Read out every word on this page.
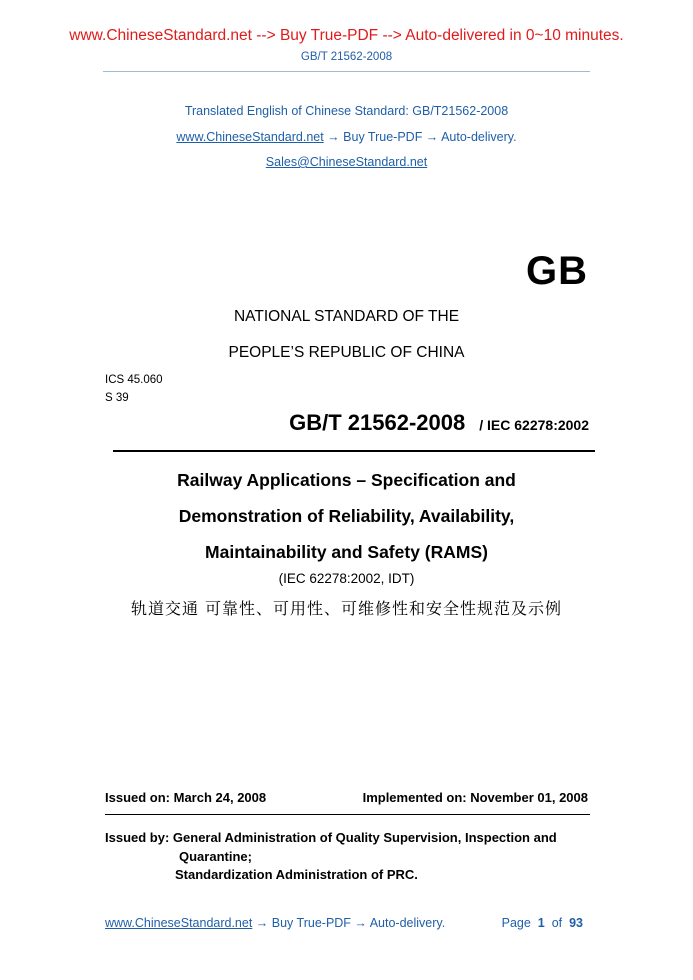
www.ChineseStandard.net --> Buy True-PDF --> Auto-delivered in 0~10 minutes.
GB/T 21562-2008
Translated English of Chinese Standard: GB/T21562-2008
www.ChineseStandard.net → Buy True-PDF → Auto-delivery.
Sales@ChineseStandard.net
GB
NATIONAL STANDARD OF THE
PEOPLE’S REPUBLIC OF CHINA
ICS 45.060
S 39
GB/T 21562-2008 / IEC 62278:2002
Railway Applications – Specification and
Demonstration of Reliability, Availability,
Maintainability and Safety (RAMS)
(IEC 62278:2002, IDT)
轨道交通 可靠性、可用性、可维修性和安全性规范及示例
Issued on: March 24, 2008	Implemented on: November 01, 2008
Issued by: General Administration of Quality Supervision, Inspection and
Quarantine;
Standardization Administration of PRC.
www.ChineseStandard.net → Buy True-PDF → Auto-delivery.	Page 1 of 93
